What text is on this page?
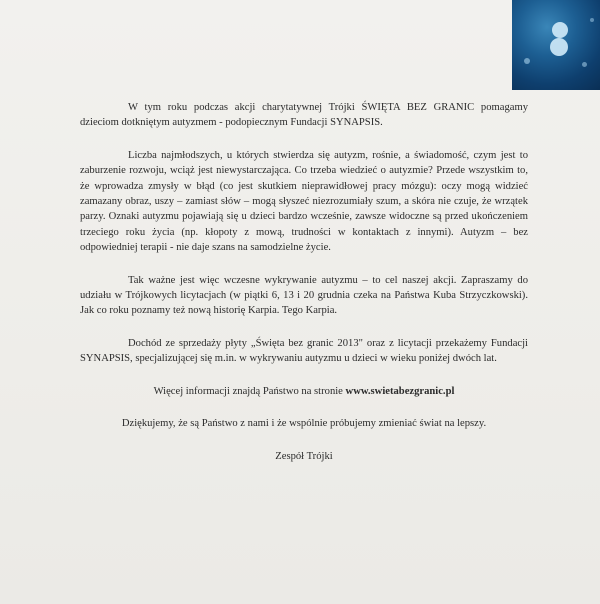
W tym roku podczas akcji charytatywnej Trójki ŚWIĘTA BEZ GRANIC pomagamy dzieciom dotkniętym autyzmem - podopiecznym Fundacji SYNAPSIS.

Liczba najmłodszych, u których stwierdza się autyzm, rośnie, a świadomość, czym jest to zaburzenie rozwoju, wciąż jest niewystarczająca. Co trzeba wiedzieć o autyzmie? Przede wszystkim to, że wprowadza zmysły w błąd (co jest skutkiem nieprawidłowej pracy mózgu): oczy mogą widzieć zamazany obraz, uszy – zamiast słów – mogą słyszeć niezrozumiały szum, a skóra nie czuje, że wrzątek parzy. Oznaki autyzmu pojawiają się u dzieci bardzo wcześnie, zawsze widoczne są przed ukończeniem trzeciego roku życia (np. kłopoty z mową, trudności w kontaktach z innymi). Autyzm – bez odpowiedniej terapii - nie daje szans na samodzielne życie.

Tak ważne jest więc wczesne wykrywanie autyzmu – to cel naszej akcji. Zapraszamy do udziału w Trójkowych licytacjach (w piątki 6, 13 i 20 grudnia czeka na Państwa Kuba Strzyczkowski). Jak co roku poznamy też nową historię Karpia. Tego Karpia.

Dochód ze sprzedaży płyty „Święta bez granic 2013" oraz z licytacji przekażemy Fundacji SYNAPSIS, specjalizującej się m.in. w wykrywaniu autyzmu u dzieci w wieku poniżej dwóch lat.

Więcej informacji znajdą Państwo na stronie www.swietabezgranic.pl

Dziękujemy, że są Państwo z nami i że wspólnie próbujemy zmieniać świat na lepszy.

Zespół Trójki
